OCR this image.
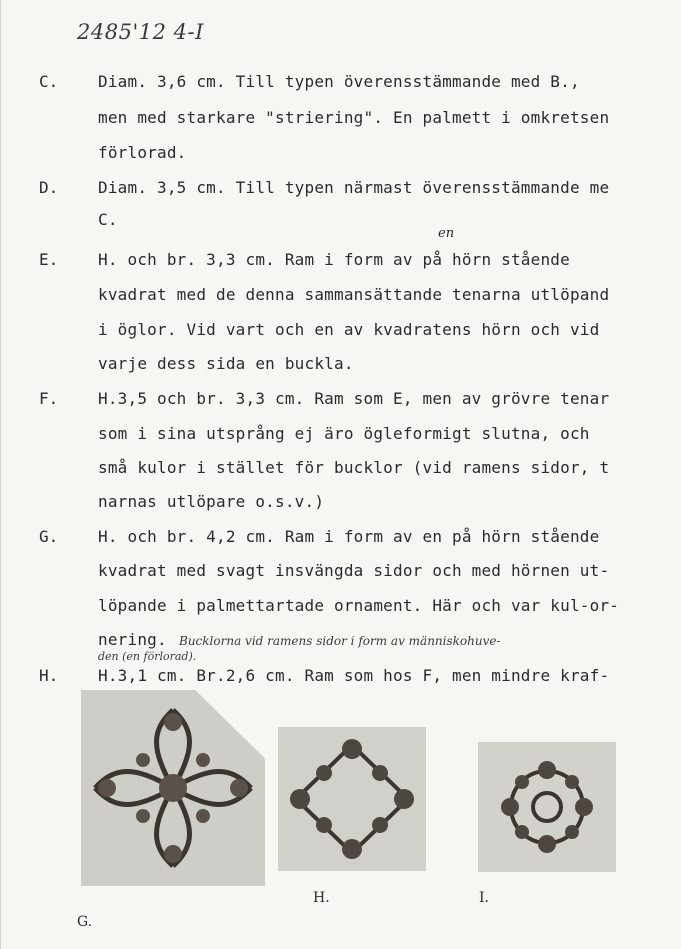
2485'12 4-I
C. Diam. 3,6 cm. Till typen överensstämmande med B.,
men med starkare "striering". En palmett i omkretsen
förlorad.
D. Diam. 3,5 cm. Till typen närmast överensstämmande me
C.
en
E. H. och br. 3,3 cm. Ram i form av på hörn stående
kvadrat med de denna sammansättande tenarna utlöpand
i öglor. Vid vart och en av kvadratens hörn och vid
varje dess sida en buckla.
F. H.3,5 och br. 3,3 cm. Ram som E, men av grövre tenar
som i sina utsprång ej äro ögleformigt slutna, och
små kulor i stället för bucklor (vid ramens sidor, t
narnas utlöpare o.s.v.)
G. H. och br. 4,2 cm. Ram i form av en på hörn stående
kvadrat med svagt insvängda sidor och med hörnen ut-
löpande i palmettartade ornament. Här och var kul-or-
nering. Bucklorna vid ramens sidor i form av människohuve-
den (en förlorad).
H. H.3,1 cm. Br.2,6 cm. Ram som hos F, men mindre kraf-
G.
H.	I.
